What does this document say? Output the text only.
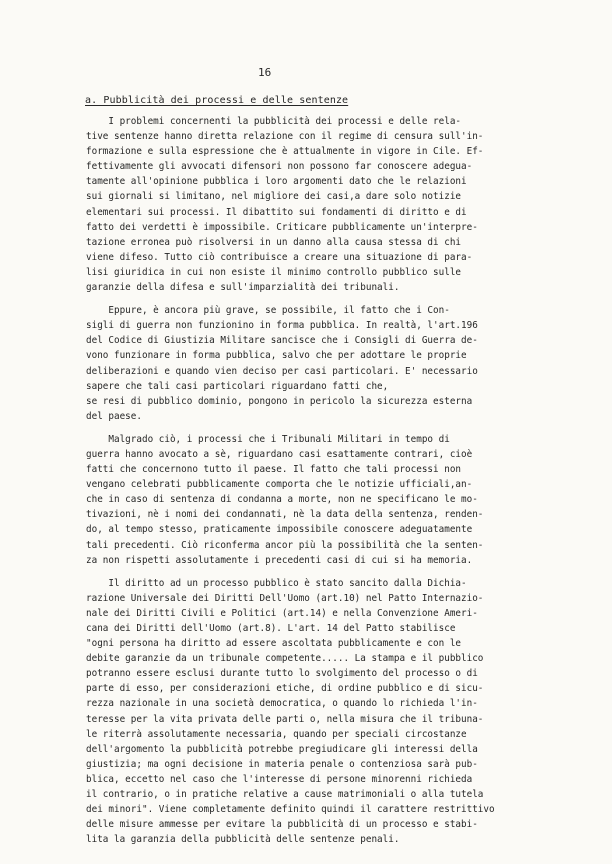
16
a. Pubblicità dei processi e delle sentenze

I problemi concernenti la pubblicità dei processi e delle rela-
tive sentenze hanno diretta relazione con il regime di censura sull'in-
formazione e sulla espressione che è attualmente in vigore in Cile. Ef-
fettivamente gli avvocati difensori non possono far conoscere adegua-
tamente all'opinione pubblica i loro argomenti dato che le relazioni
sui giornali si limitano, nel migliore dei casi,a dare solo notizie
elementari sui processi. Il dibattito sui fondamenti di diritto e di
fatto dei verdetti è impossibile. Criticare pubblicamente un'interpre-
tazione erronea può risolversi in un danno alla causa stessa di chi
viene difeso. Tutto ciò contribuisce a creare una situazione di para-
lisi giuridica in cui non esiste il minimo controllo pubblico sulle
garanzie della difesa e sull'imparzialità dei tribunali.

Eppure, è ancora più grave, se possibile, il fatto che i Con-
sigli di guerra non funzionino in forma pubblica. In realtà, l'art.196
del Codice di Giustizia Militare sancisce che i Consigli di Guerra de-
vono funzionare in forma pubblica, salvo che per adottare le proprie
deliberazioni e quando vien deciso per casi particolari. E' necessario
sapere che tali casi particolari riguardano fatti che,
se resi di pubblico dominio, pongono in pericolo la sicurezza esterna
del paese.

Malgrado ciò, i processi che i Tribunali Militari in tempo di
guerra hanno avocato a sè, riguardano casi esattamente contrari, cioè
fatti che concernono tutto il paese. Il fatto che tali processi non
vengano celebrati pubblicamente comporta che le notizie ufficiali,an-
che in caso di sentenza di condanna a morte, non ne specificano le mo-
tivazioni, nè i nomi dei condannati, nè la data della sentenza, renden-
do, al tempo stesso, praticamente impossibile conoscere adeguatamente
tali precedenti. Ciò riconferma ancor più la possibilità che la senten-
za non rispetti assolutamente i precedenti casi di cui si ha memoria.

Il diritto ad un processo pubblico è stato sancito dalla Dichia-
razione Universale dei Diritti Dell'Uomo (art.10) nel Patto Internazio-
nale dei Diritti Civili e Politici (art.14) e nella Convenzione Ameri-
cana dei Diritti dell'Uomo (art.8). L'art. 14 del Patto stabilisce
"ogni persona ha diritto ad essere ascoltata pubblicamente e con le
debite garanzie da un tribunale competente..... La stampa e il pubblico
potranno essere esclusi durante tutto lo svolgimento del processo o di
parte di esso, per considerazioni etiche, di ordine pubblico e di sicu-
rezza nazionale in una società democratica, o quando lo richieda l'in-
teresse per la vita privata delle parti o, nella misura che il tribuna-
le riterrà assolutamente necessaria, quando per speciali circostanze
dell'argomento la pubblicità potrebbe pregiudicare gli interessi della
giustizia; ma ogni decisione in materia penale o contenziosa sarà pub-
blica, eccetto nel caso che l'interesse di persone minorenni richieda
il contrario, o in pratiche relative a cause matrimoniali o alla tutela
dei minori". Viene completamente definito quindi il carattere restrittivo
delle misure ammesse per evitare la pubblicità di un processo e stabi-
lita la garanzia della pubblicità delle sentenze penali.
